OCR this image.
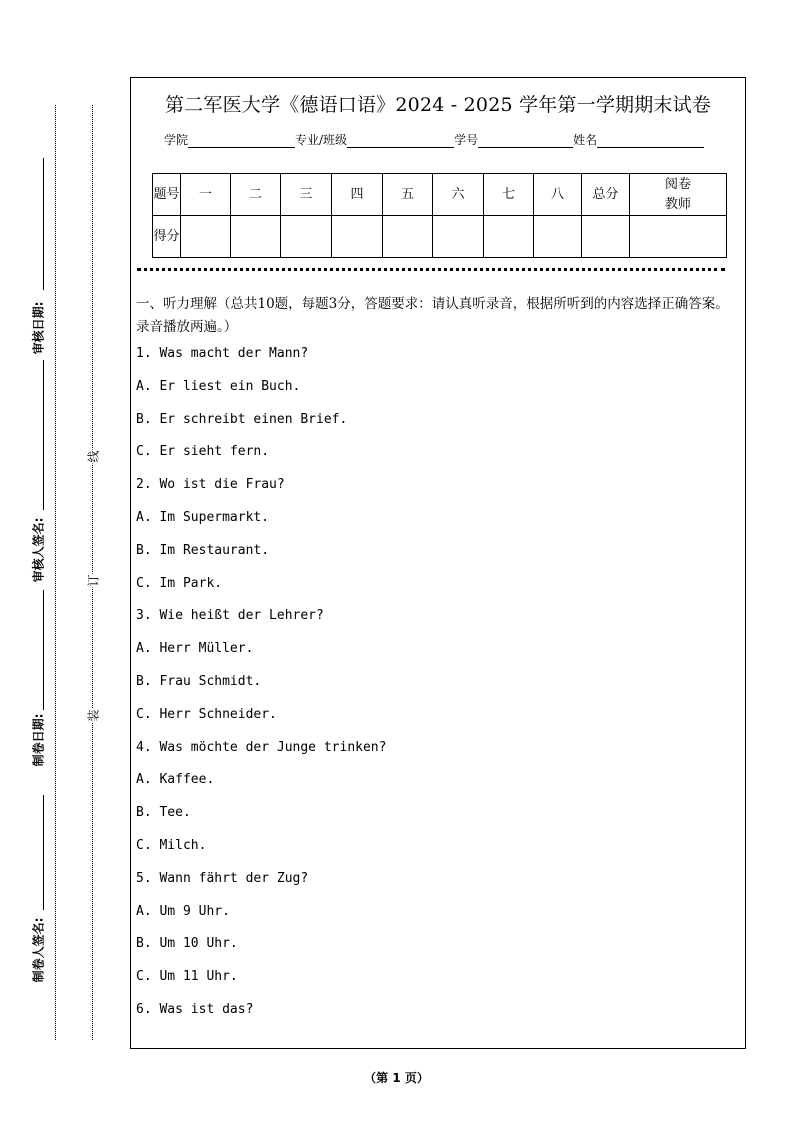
审核日期:
审核人签名:
制卷日期:
制卷人签名:
线
订
装
第二军医大学《德语口语》2024 - 2025 学年第一学期期末试卷
学院	专业/班级	学号	姓名
题号	一	二	三	四	五	六	七	八	总分	阅卷
教师
得分										
一、听力理解（总共10题，每题3分，答题要求：请认真听录音，根据所听到的内容选择正确答案。录音播放两遍。）
1. Was macht der Mann?
A. Er liest ein Buch.
B. Er schreibt einen Brief.
C. Er sieht fern.
2. Wo ist die Frau?
A. Im Supermarkt.
B. Im Restaurant.
C. Im Park.
3. Wie heißt der Lehrer?
A. Herr Müller.
B. Frau Schmidt.
C. Herr Schneider.
4. Was möchte der Junge trinken?
A. Kaffee.
B. Tee.
C. Milch.
5. Wann fährt der Zug?
A. Um 9 Uhr.
B. Um 10 Uhr.
C. Um 11 Uhr.
6. Was ist das?
（第 1 页）
